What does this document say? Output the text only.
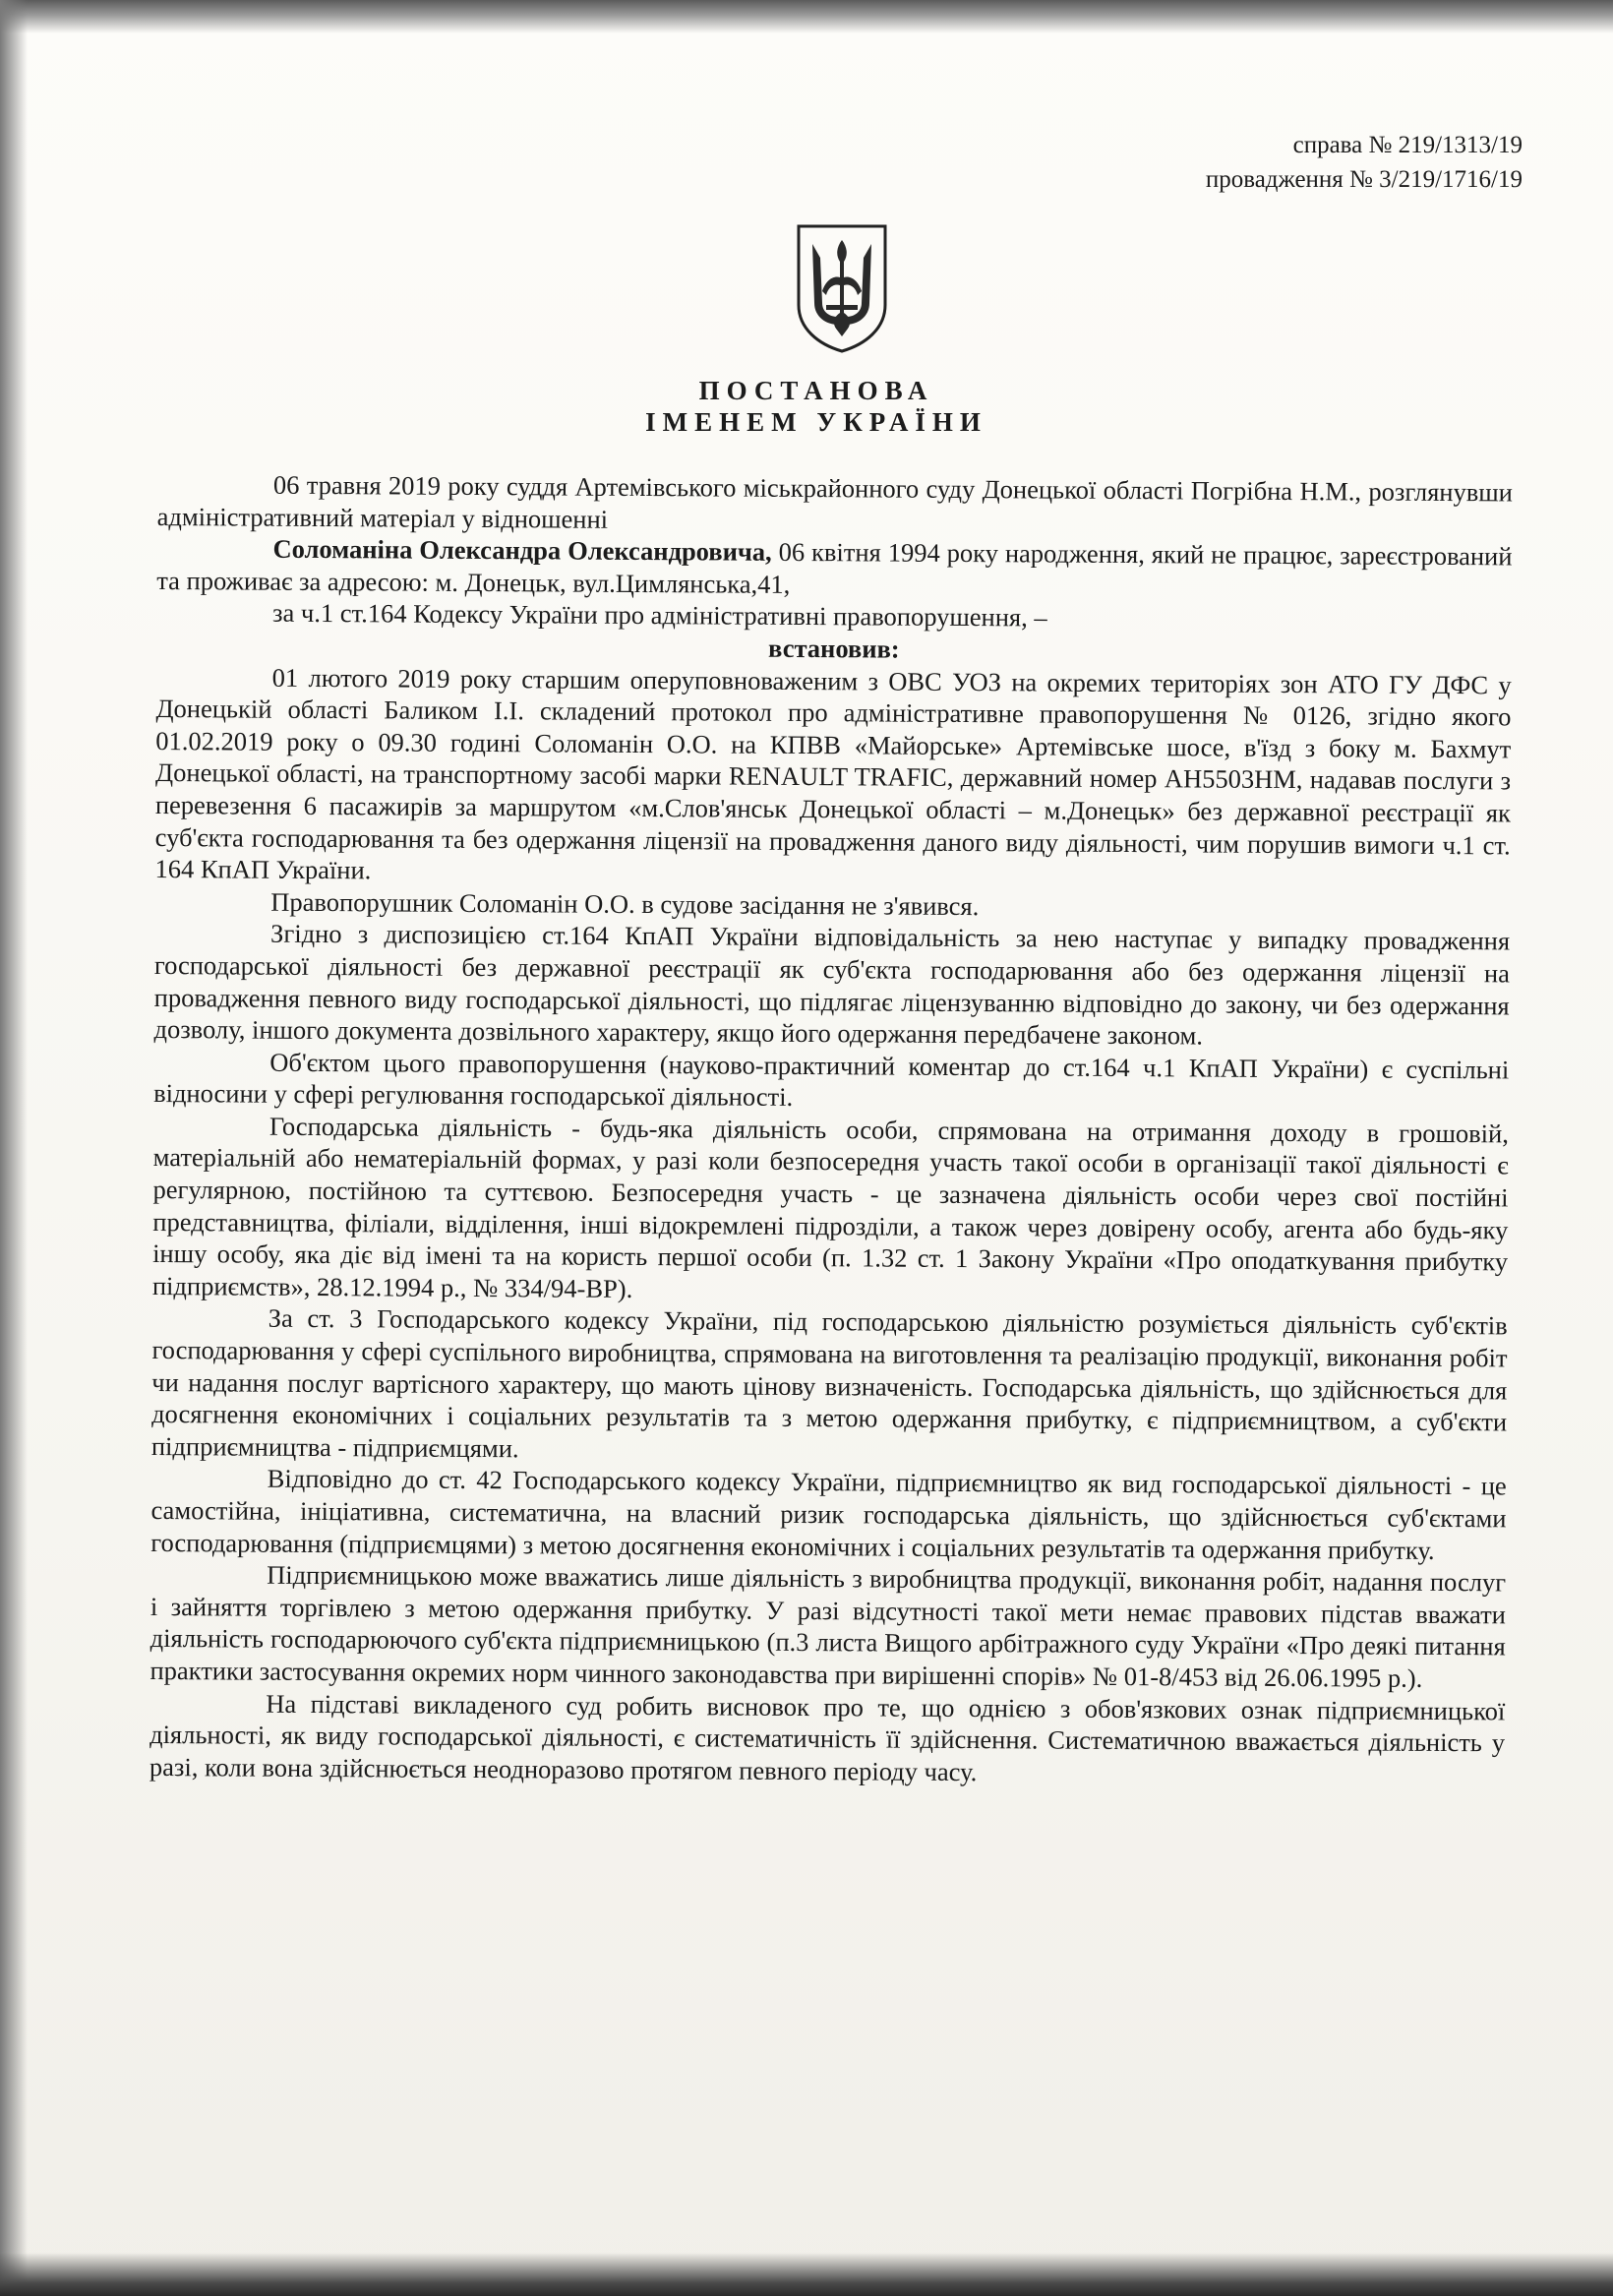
справа № 219/1313/19
провадження № 3/219/1716/19
ПОСТАНОВА
ІМЕНЕМ УКРАЇНИ

06 травня 2019 року суддя Артемівського міськрайонного суду Донецької області Погрібна Н.М., розглянувши адміністративний матеріал у відношенні

Соломаніна Олександра Олександровича, 06 квітня 1994 року народження, який не працює, зареєстрований та проживає за адресою: м. Донецьк, вул.Цимлянська,41,

за ч.1 ст.164 Кодексу України про адміністративні правопорушення, –

встановив:

01 лютого 2019 року старшим оперуповноваженим з ОВС УОЗ на окремих територіях зон АТО ГУ ДФС у Донецькій області Баликом І.І. складений протокол про адміністративне правопорушення № 0126, згідно якого 01.02.2019 року о 09.30 годині Соломанін О.О. на КПВВ «Майорське» Артемівське шосе, в'їзд з боку м. Бахмут Донецької області, на транспортному засобі марки RENAULT TRAFIC, державний номер АН5503НМ, надавав послуги з перевезення 6 пасажирів за маршрутом «м.Слов'янськ Донецької області – м.Донецьк» без державної реєстрації як суб'єкта господарювання та без одержання ліцензії на провадження даного виду діяльності, чим порушив вимоги ч.1 ст. 164 КпАП України.

Правопорушник Соломанін О.О. в судове засідання не з'явився.

Згідно з диспозицією ст.164 КпАП України відповідальність за нею наступає у випадку провадження господарської діяльності без державної реєстрації як суб'єкта господарювання або без одержання ліцензії на провадження певного виду господарської діяльності, що підлягає ліцензуванню відповідно до закону, чи без одержання дозволу, іншого документа дозвільного характеру, якщо його одержання передбачене законом.

Об'єктом цього правопорушення (науково-практичний коментар до ст.164 ч.1 КпАП України) є суспільні відносини у сфері регулювання господарської діяльності.

Господарська діяльність - будь-яка діяльність особи, спрямована на отримання доходу в грошовій, матеріальній або нематеріальній формах, у разі коли безпосередня участь такої особи в організації такої діяльності є регулярною, постійною та суттєвою. Безпосередня участь - це зазначена діяльність особи через свої постійні представництва, філіали, відділення, інші відокремлені підрозділи, а також через довірену особу, агента або будь-яку іншу особу, яка діє від імені та на користь першої особи (п. 1.32 ст. 1 Закону України «Про оподаткування прибутку підприємств», 28.12.1994 р., № 334/94-ВР).

За ст. 3 Господарського кодексу України, під господарською діяльністю розуміється діяльність суб'єктів господарювання у сфері суспільного виробництва, спрямована на виготовлення та реалізацію продукції, виконання робіт чи надання послуг вартісного характеру, що мають цінову визначеність. Господарська діяльність, що здійснюється для досягнення економічних і соціальних результатів та з метою одержання прибутку, є підприємництвом, а суб'єкти підприємництва - підприємцями.

Відповідно до ст. 42 Господарського кодексу України, підприємництво як вид господарської діяльності - це самостійна, ініціативна, систематична, на власний ризик господарська діяльність, що здійснюється суб'єктами господарювання (підприємцями) з метою досягнення економічних і соціальних результатів та одержання прибутку.

Підприємницькою може вважатись лише діяльність з виробництва продукції, виконання робіт, надання послуг і зайняття торгівлею з метою одержання прибутку. У разі відсутності такої мети немає правових підстав вважати діяльність господарюючого суб'єкта підприємницькою (п.3 листа Вищого арбітражного суду України «Про деякі питання практики застосування окремих норм чинного законодавства при вирішенні спорів» № 01-8/453 від 26.06.1995 р.).

На підставі викладеного суд робить висновок про те, що однією з обов'язкових ознак підприємницької діяльності, як виду господарської діяльності, є систематичність її здійснення. Систематичною вважається діяльність у разі, коли вона здійснюється неодноразово протягом певного періоду часу.
